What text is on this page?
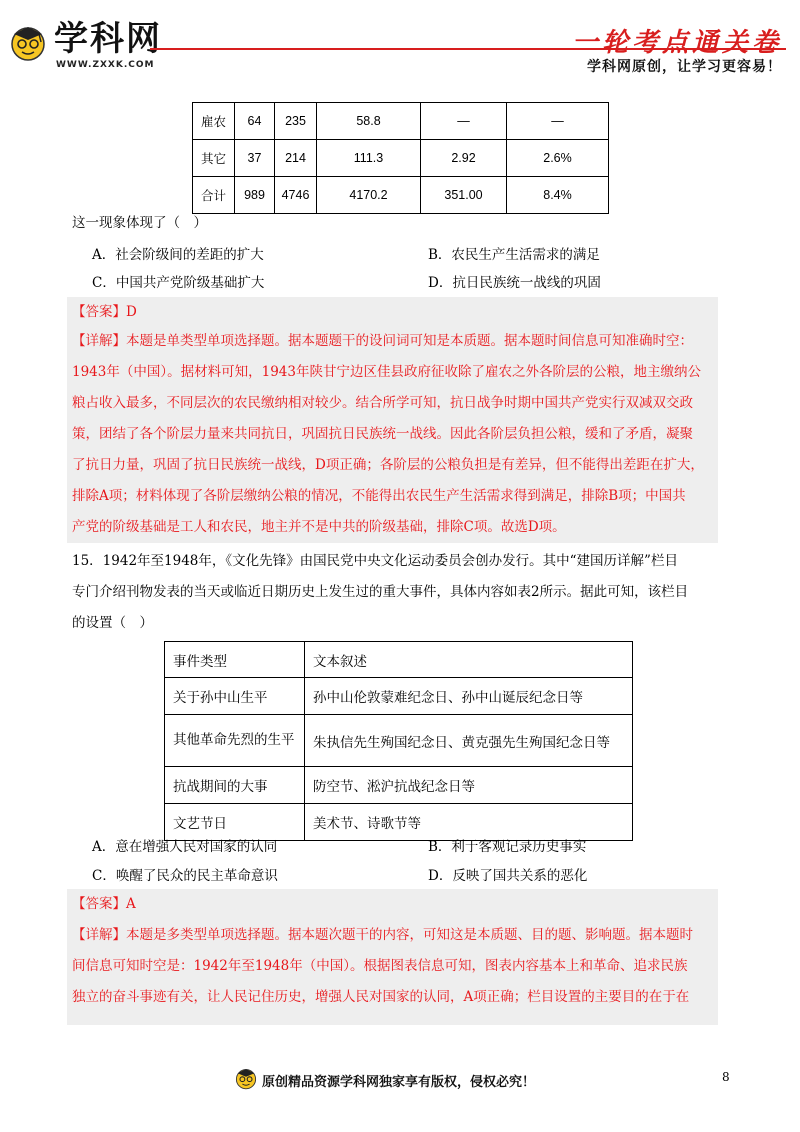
学科网
WWW.ZXXK.COM
一轮考点通关卷
学科网原创，让学习更容易！
雇农	64	235	58.8	—	—
其它	37	214	111.3	2.92	2.6%
合计	989	4746	4170.2	351.00	8.4%
这一现象体现了（　）
A．社会阶级间的差距的扩大	B．农民生产生活需求的满足
C．中国共产党阶级基础扩大	D．抗日民族统一战线的巩固
【答案】D
【详解】本题是单类型单项选择题。据本题题干的设问词可知是本质题。据本题时间信息可知准确时空：
1943年（中国）。据材料可知，1943年陕甘宁边区佳县政府征收除了雇农之外各阶层的公粮，地主缴纳公
粮占收入最多，不同层次的农民缴纳相对较少。结合所学可知，抗日战争时期中国共产党实行双减双交政
策，团结了各个阶层力量来共同抗日，巩固抗日民族统一战线。因此各阶层负担公粮，缓和了矛盾，凝聚
了抗日力量，巩固了抗日民族统一战线，D项正确；各阶层的公粮负担是有差异，但不能得出差距在扩大，
排除A项；材料体现了各阶层缴纳公粮的情况，不能得出农民生产生活需求得到满足，排除B项；中国共
产党的阶级基础是工人和农民，地主并不是中共的阶级基础，排除C项。故选D项。
15．1942年至1948年，《文化先锋》由国民党中央文化运动委员会创办发行。其中“建国历详解”栏目
专门介绍刊物发表的当天或临近日期历史上发生过的重大事件，具体内容如表2所示。据此可知，该栏目
的设置（　）
事件类型	文本叙述
关于孙中山生平	孙中山伦敦蒙难纪念日、孙中山诞辰纪念日等
其他革命先烈的生平	朱执信先生殉国纪念日、黄克强先生殉国纪念日等
抗战期间的大事	防空节、淞沪抗战纪念日等
文艺节日	美术节、诗歌节等
A．意在增强人民对国家的认同	B．利于客观记录历史事实
C．唤醒了民众的民主革命意识	D．反映了国共关系的恶化
【答案】A
【详解】本题是多类型单项选择题。据本题次题干的内容，可知这是本质题、目的题、影响题。据本题时
间信息可知时空是：1942年至1948年（中国）。根据图表信息可知，图表内容基本上和革命、追求民族
独立的奋斗事迹有关，让人民记住历史，增强人民对国家的认同，A项正确；栏目设置的主要目的在于在
原创精品资源学科网独家享有版权，侵权必究！	8
